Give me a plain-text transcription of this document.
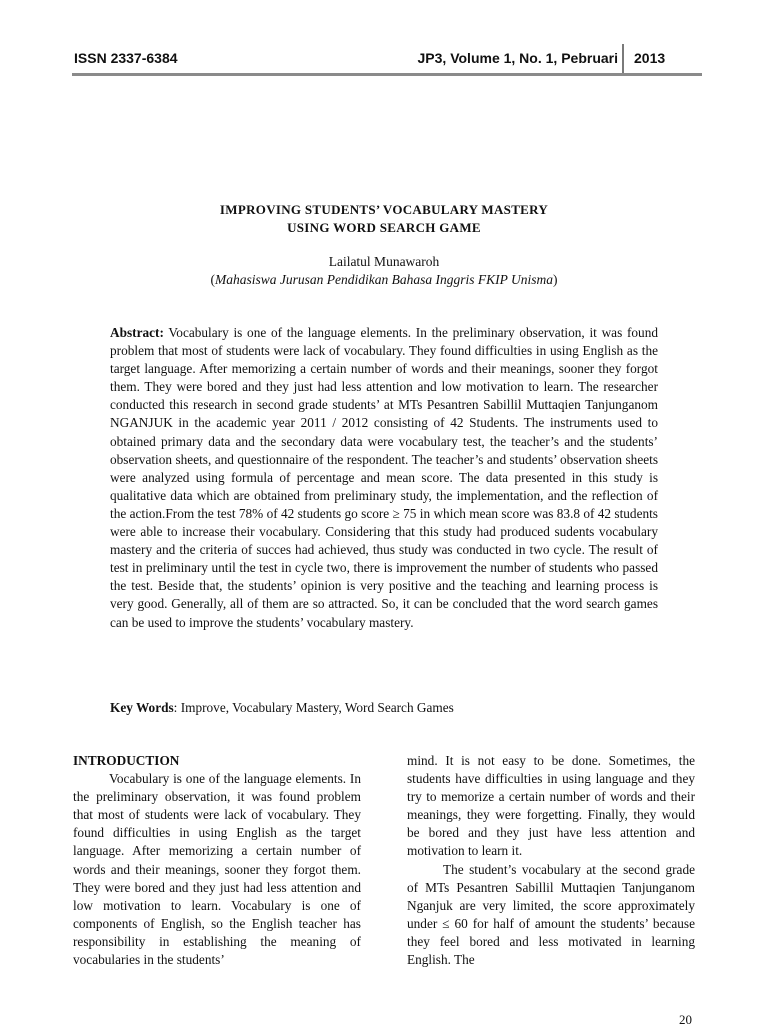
ISSN 2337-6384	JP3, Volume 1, No. 1, Pebruari 2013
IMPROVING STUDENTS’ VOCABULARY MASTERY
USING WORD SEARCH GAME
Lailatul Munawaroh
(Mahasiswa Jurusan Pendidikan Bahasa Inggris FKIP Unisma)
Abstract: Vocabulary is one of the language elements. In the preliminary observation, it was found problem that most of students were lack of vocabulary. They found difficulties in using English as the target language. After memorizing a certain number of words and their meanings, sooner they forgot them. They were bored and they just had less attention and low motivation to learn. The researcher conducted this research in second grade students’ at MTs Pesantren Sabillil Muttaqien Tanjunganom NGANJUK in the academic year 2011 / 2012 consisting of 42 Students. The instruments used to obtained primary data and the secondary data were vocabulary test, the teacher’s and the students’ observation sheets, and questionnaire of the respondent. The teacher’s and students’ observation sheets were analyzed using formula of percentage and mean score. The data presented in this study is qualitative data which are obtained from preliminary study, the implementation, and the reflection of the action.From the test 78% of 42 students go score ≥ 75 in which mean score was 83.8 of 42 students were able to increase their vocabulary. Considering that this study had produced sudents vocabulary mastery and the criteria of succes had achieved, thus study was conducted in two cycle. The result of test in preliminary until the test in cycle two, there is improvement the number of students who passed the test. Beside that, the students’ opinion is very positive and the teaching and learning process is very good. Generally, all of them are so attracted. So, it can be concluded that the word search games can be used to improve the students’ vocabulary mastery.
Key Words: Improve, Vocabulary Mastery, Word Search Games
INTRODUCTION

Vocabulary is one of the language elements. In the preliminary observation, it was found problem that most of students were lack of vocabulary. They found difficulties in using English as the target language. After memorizing a certain number of words and their meanings, sooner they forgot them. They were bored and they just had less attention and low motivation to learn. Vocabulary is one of components of English, so the English teacher has responsibility in establishing the meaning of vocabularies in the students’

mind. It is not easy to be done. Sometimes, the students have difficulties in using language and they try to memorize a certain number of words and their meanings, they were forgetting. Finally, they would be bored and they just have less attention and motivation to learn it.

The student’s vocabulary at the second grade of MTs Pesantren Sabillil Muttaqien Tanjunganom Nganjuk are very limited, the score approximately under ≤ 60 for half of amount the students’ because they feel bored and less motivated in learning English. The

20
